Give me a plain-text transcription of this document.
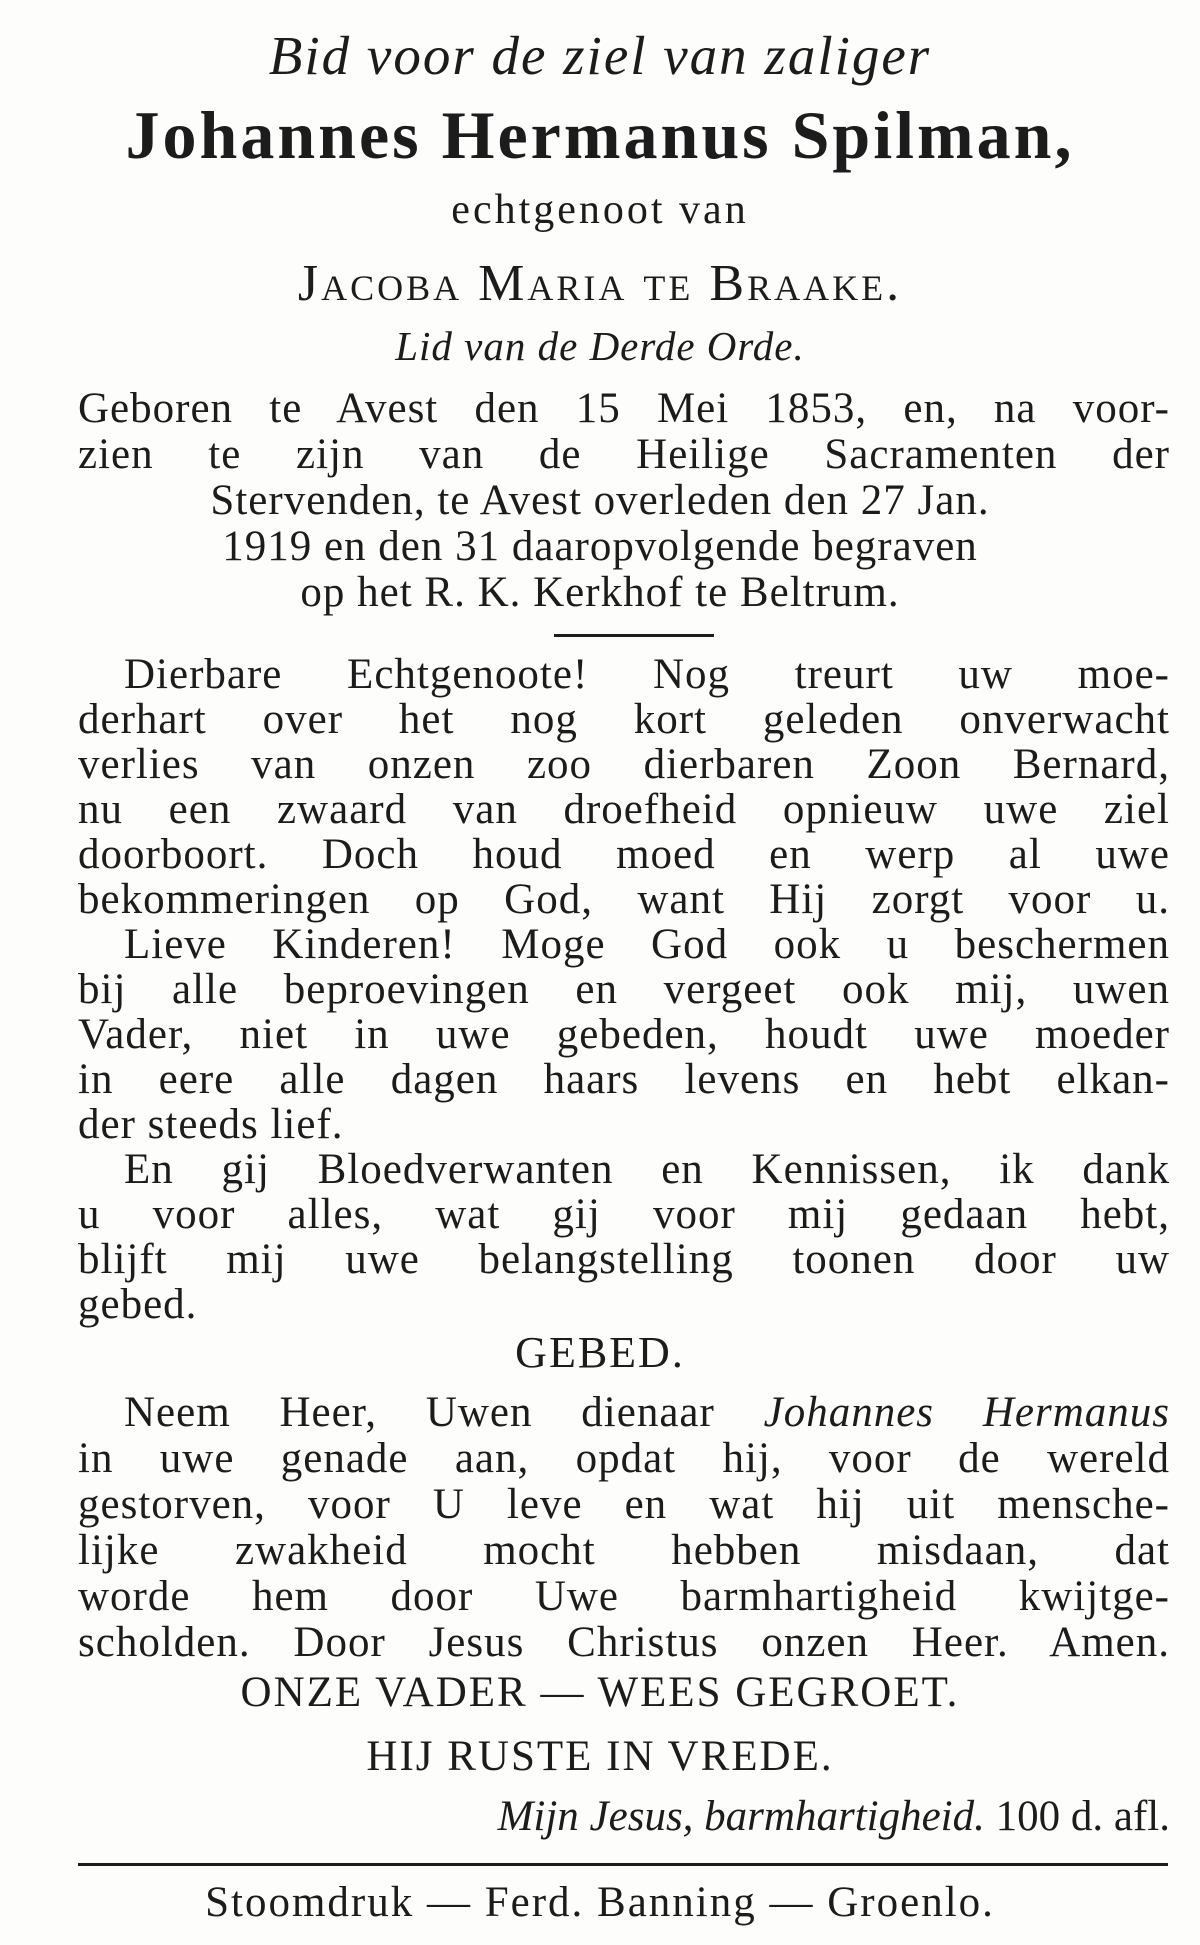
Bid voor de ziel van zaliger

Johannes Hermanus Spilman,

echtgenoot van

Jacoba Maria te Braake.

Lid van de Derde Orde.

Geboren te Avest den 15 Mei 1853, en, na voor-

zien te zijn van de Heilige Sacramenten der

Stervenden, te Avest overleden den 27 Jan.

1919 en den 31 daaropvolgende begraven

op het R. K. Kerkhof te Beltrum.

Dierbare Echtgenoote! Nog treurt uw moe-

derhart over het nog kort geleden onverwacht

verlies van onzen zoo dierbaren Zoon Bernard,

nu een zwaard van droefheid opnieuw uwe ziel

doorboort. Doch houd moed en werp al uwe

bekommeringen op God, want Hij zorgt voor u.

Lieve Kinderen! Moge God ook u beschermen

bij alle beproevingen en vergeet ook mij, uwen

Vader, niet in uwe gebeden, houdt uwe moeder

in eere alle dagen haars levens en hebt elkan-

der steeds lief.

En gij Bloedverwanten en Kennissen, ik dank

u voor alles, wat gij voor mij gedaan hebt,

blijft mij uwe belangstelling toonen door uw

gebed.

GEBED.

Neem Heer, Uwen dienaar Johannes Hermanus

in uwe genade aan, opdat hij, voor de wereld

gestorven, voor U leve en wat hij uit mensche-

lijke zwakheid mocht hebben misdaan, dat

worde hem door Uwe barmhartigheid kwijtge-

scholden. Door Jesus Christus onzen Heer. Amen.

ONZE VADER — WEES GEGROET.

HIJ RUSTE IN VREDE.

Mijn Jesus, barmhartigheid. 100 d. afl.

Stoomdruk — Ferd. Banning — Groenlo.
